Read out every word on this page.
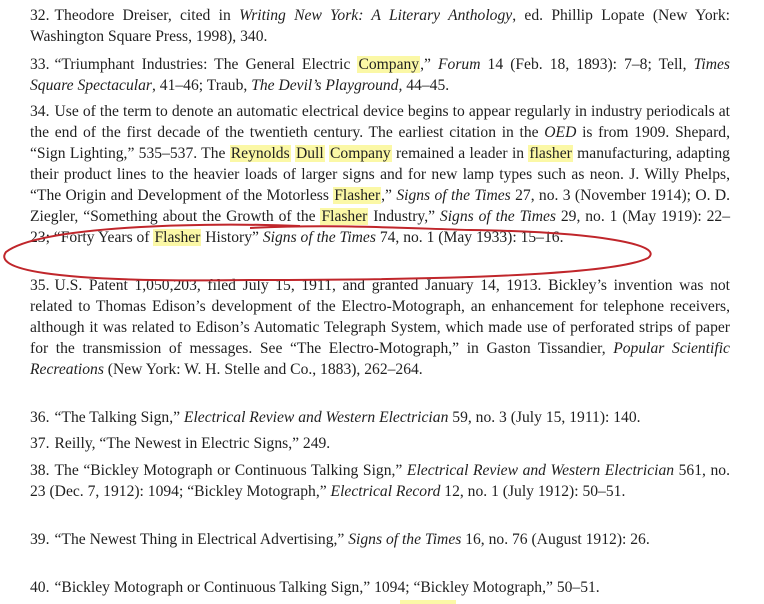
32. Theodore Dreiser, cited in Writing New York: A Literary Anthology, ed. Phillip Lopate (New York: Washington Square Press, 1998), 340.
33. “Triumphant Industries: The General Electric Company,” Forum 14 (Feb. 18, 1893): 7–8; Tell, Times Square Spectacular, 41–46; Traub, The Devil’s Playground, 44–45.
34. Use of the term to denote an automatic electrical device begins to appear regularly in industry periodicals at the end of the first decade of the twentieth century. The earliest citation in the OED is from 1909. Shepard, “Sign Lighting,” 535–537. The Reynolds Dull Company remained a leader in flasher manufacturing, adapting their product lines to the heavier loads of larger signs and for new lamp types such as neon. J. Willy Phelps, “The Origin and Development of the Motorless Flasher,” Signs of the Times 27, no. 3 (November 1914); O. D. Ziegler, “Something about the Growth of the Flasher Industry,” Signs of the Times 29, no. 1 (May 1919): 22–23; “Forty Years of Flasher History” Signs of the Times 74, no. 1 (May 1933): 15–16.
35. U.S. Patent 1,050,203, filed July 15, 1911, and granted January 14, 1913. Bickley’s invention was not related to Thomas Edison’s development of the Electro-Motograph, an enhancement for telephone receivers, although it was related to Edison’s Automatic Telegraph System, which made use of perforated strips of paper for the transmission of messages. See “The Electro-Motograph,” in Gaston Tissandier, Popular Scientific Recreations (New York: W. H. Stelle and Co., 1883), 262–264.
36. “The Talking Sign,” Electrical Review and Western Electrician 59, no. 3 (July 15, 1911): 140.
37. Reilly, “The Newest in Electric Signs,” 249.
38. The “Bickley Motograph or Continuous Talking Sign,” Electrical Review and Western Electrician 561, no. 23 (Dec. 7, 1912): 1094; “Bickley Motograph,” Electrical Record 12, no. 1 (July 1912): 50–51.
39. “The Newest Thing in Electrical Advertising,” Signs of the Times 16, no. 76 (August 1912): 26.
40. “Bickley Motograph or Continuous Talking Sign,” 1094; “Bickley Motograph,” 50–51.
